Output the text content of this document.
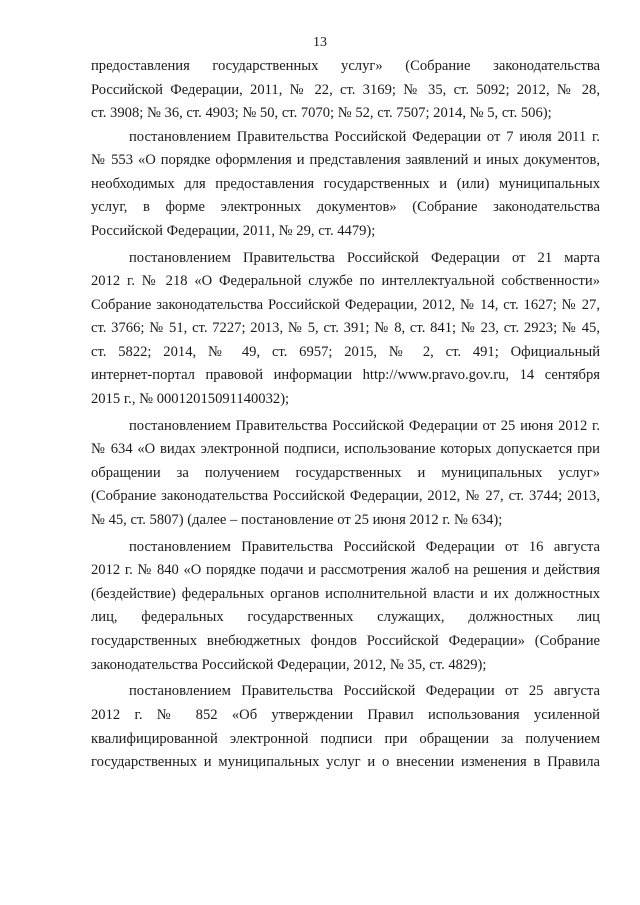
13
предоставления государственных услуг» (Собрание законодательства
Российской Федерации, 2011, № 22, ст. 3169; № 35, ст. 5092; 2012, № 28,
ст. 3908; № 36, ст. 4903; № 50, ст. 7070; № 52, ст. 7507; 2014, № 5, ст. 506);
постановлением Правительства Российской Федерации от 7 июля 2011 г.
№ 553 «О порядке оформления и представления заявлений и иных документов,
необходимых для предоставления государственных и (или) муниципальных
услуг, в форме электронных документов» (Собрание законодательства
Российской Федерации, 2011, № 29, ст. 4479);
постановлением Правительства Российской Федерации от 21 марта
2012 г. № 218 «О Федеральной службе по интеллектуальной собственности»
Собрание законодательства Российской Федерации, 2012, № 14, ст. 1627; № 27,
ст. 3766; № 51, ст. 7227; 2013, № 5, ст. 391; № 8, ст. 841; № 23, ст. 2923; № 45,
ст. 5822; 2014, № 49, ст. 6957; 2015, № 2, ст. 491; Официальный
интернет-портал правовой информации http://www.pravo.gov.ru, 14 сентября
2015 г., № 00012015091140032);
постановлением Правительства Российской Федерации от 25 июня 2012 г.
№ 634 «О видах электронной подписи, использование которых допускается при
обращении за получением государственных и муниципальных услуг»
(Собрание законодательства Российской Федерации, 2012, № 27, ст. 3744; 2013,
№ 45, ст. 5807) (далее – постановление от 25 июня 2012 г. № 634);
постановлением Правительства Российской Федерации от 16 августа
2012 г. № 840 «О порядке подачи и рассмотрения жалоб на решения и действия
(бездействие) федеральных органов исполнительной власти и их должностных
лиц, федеральных государственных служащих, должностных лиц
государственных внебюджетных фондов Российской Федерации» (Собрание
законодательства Российской Федерации, 2012, № 35, ст. 4829);
постановлением Правительства Российской Федерации от 25 августа
2012 г. № 852 «Об утверждении Правил использования усиленной
квалифицированной электронной подписи при обращении за получением
государственных и муниципальных услуг и о внесении изменения в Правила
